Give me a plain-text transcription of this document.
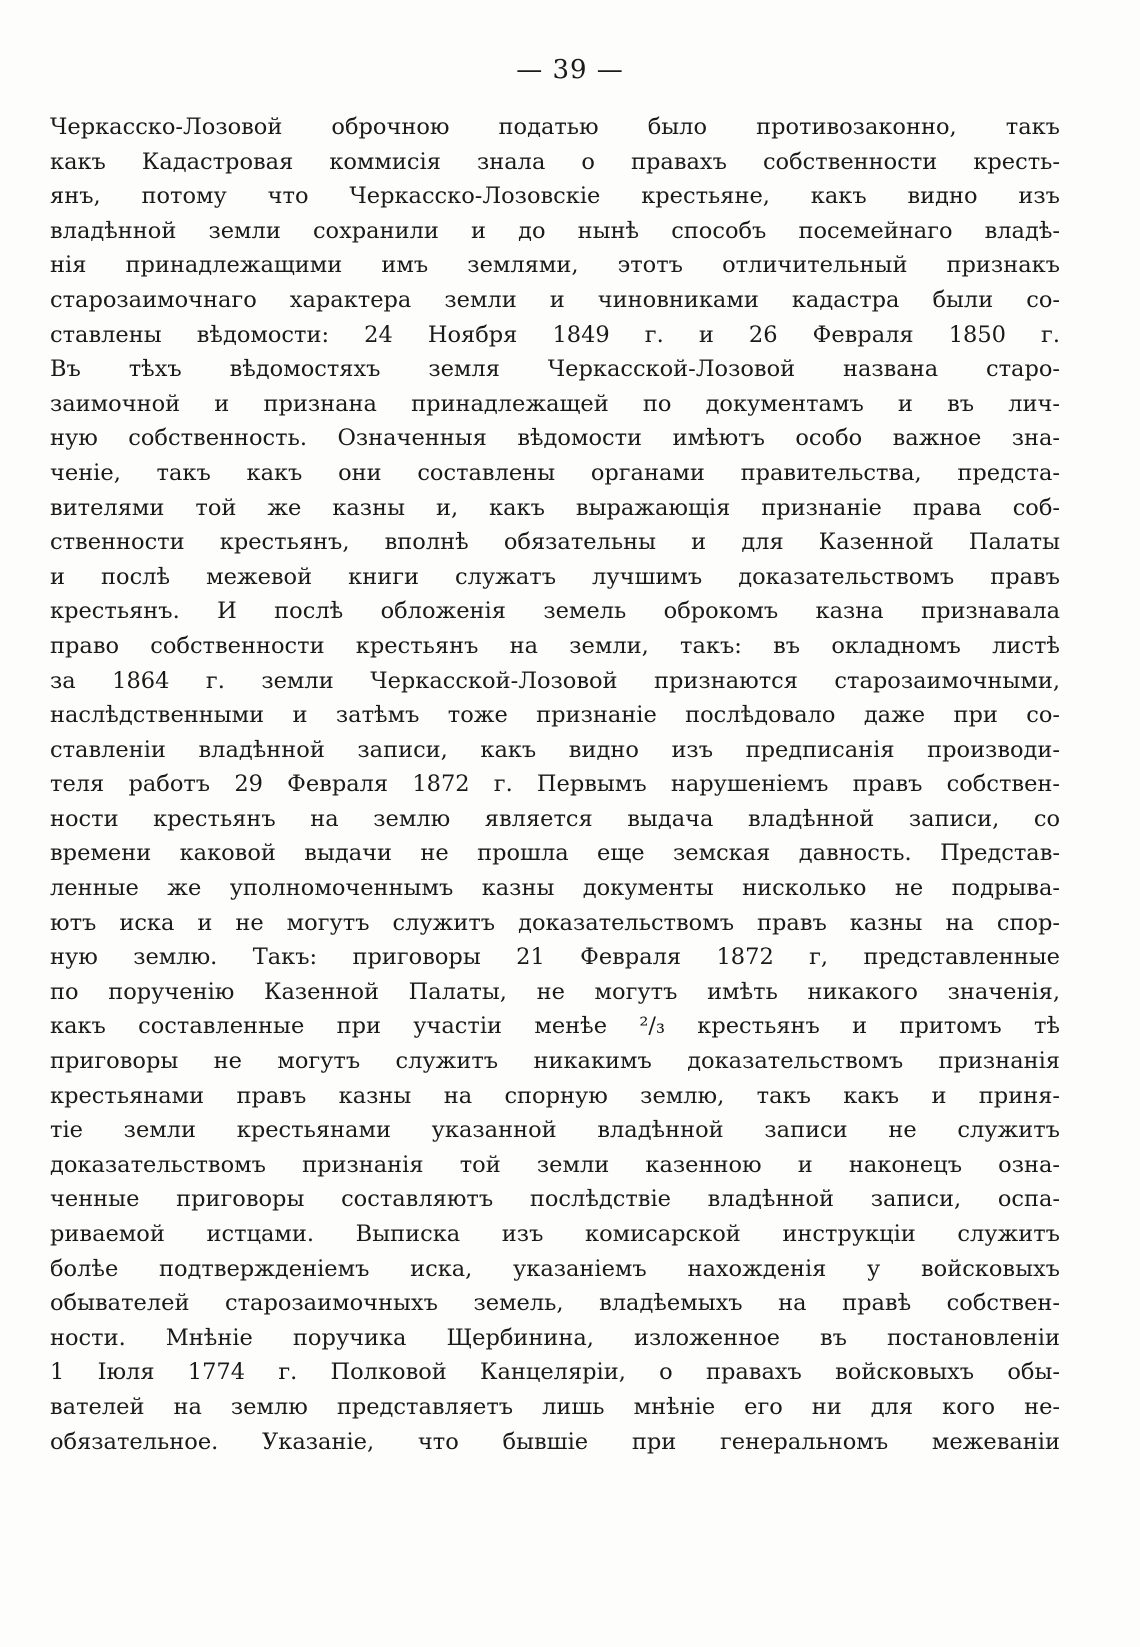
— 39 —
Черкасско-Лозовой оброчною податью было противозаконно, такъ
какъ Кадастровая коммисія знала о правахъ собственности кресть-
янъ, потому что Черкасско-Лозовскіе крестьяне, какъ видно изъ
владѣнной земли сохранили и до нынѣ способъ посемейнаго владѣ-
нія принадлежащими имъ землями, этотъ отличительный признакъ
старозаимочнаго характера земли и чиновниками кадастра были со-
ставлены вѣдомости: 24 Ноября 1849 г. и 26 Февраля 1850 г.
Въ тѣхъ вѣдомостяхъ земля Черкасской-Лозовой названа старо-
заимочной и признана принадлежащей по документамъ и въ лич-
ную собственность. Означенныя вѣдомости имѣютъ особо важное зна-
ченіе, такъ какъ они составлены органами правительства, предста-
вителями той же казны и, какъ выражающія признаніе права соб-
ственности крестьянъ, вполнѣ обязательны и для Казенной Палаты
и послѣ межевой книги служатъ лучшимъ доказательствомъ правъ
крестьянъ. И послѣ обложенія земель оброкомъ казна признавала
право собственности крестьянъ на земли, такъ: въ окладномъ листѣ
за 1864 г. земли Черкасской-Лозовой признаются старозаимочными,
наслѣдственными и затѣмъ тоже признаніе послѣдовало даже при со-
ставленіи владѣнной записи, какъ видно изъ предписанія производи-
теля работъ 29 Февраля 1872 г. Первымъ нарушеніемъ правъ собствен-
ности крестьянъ на землю является выдача владѣнной записи, со
времени каковой выдачи не прошла еще земская давность. Представ-
ленные же уполномоченнымъ казны документы нисколько не подрыва-
ютъ иска и не могутъ служитъ доказательствомъ правъ казны на спор-
ную землю. Такъ: приговоры 21 Февраля 1872 г, представленные
по порученію Казенной Палаты, не могутъ имѣть никакого значенія,
какъ составленные при участіи менѣе ²/₃ крестьянъ и притомъ тѣ
приговоры не могутъ служитъ никакимъ доказательствомъ признанія
крестьянами правъ казны на спорную землю, такъ какъ и приня-
тіе земли крестьянами указанной владѣнной записи не служитъ
доказательствомъ признанія той земли казенною и наконецъ озна-
ченные приговоры составляютъ послѣдствіе владѣнной записи, оспа-
риваемой истцами. Выписка изъ комисарской инструкціи служитъ
болѣе подтвержденіемъ иска, указаніемъ нахожденія у войсковыхъ
обывателей старозаимочныхъ земель, владѣемыхъ на правѣ собствен-
ности. Мнѣніе поручика Щербинина, изложенное въ постановленіи
1 Іюля 1774 г. Полковой Канцеляріи, о правахъ войсковыхъ обы-
вателей на землю представляетъ лишь мнѣніе его ни для кого не-
обязательное. Указаніе, что бывшіе при генеральномъ межеваніи
